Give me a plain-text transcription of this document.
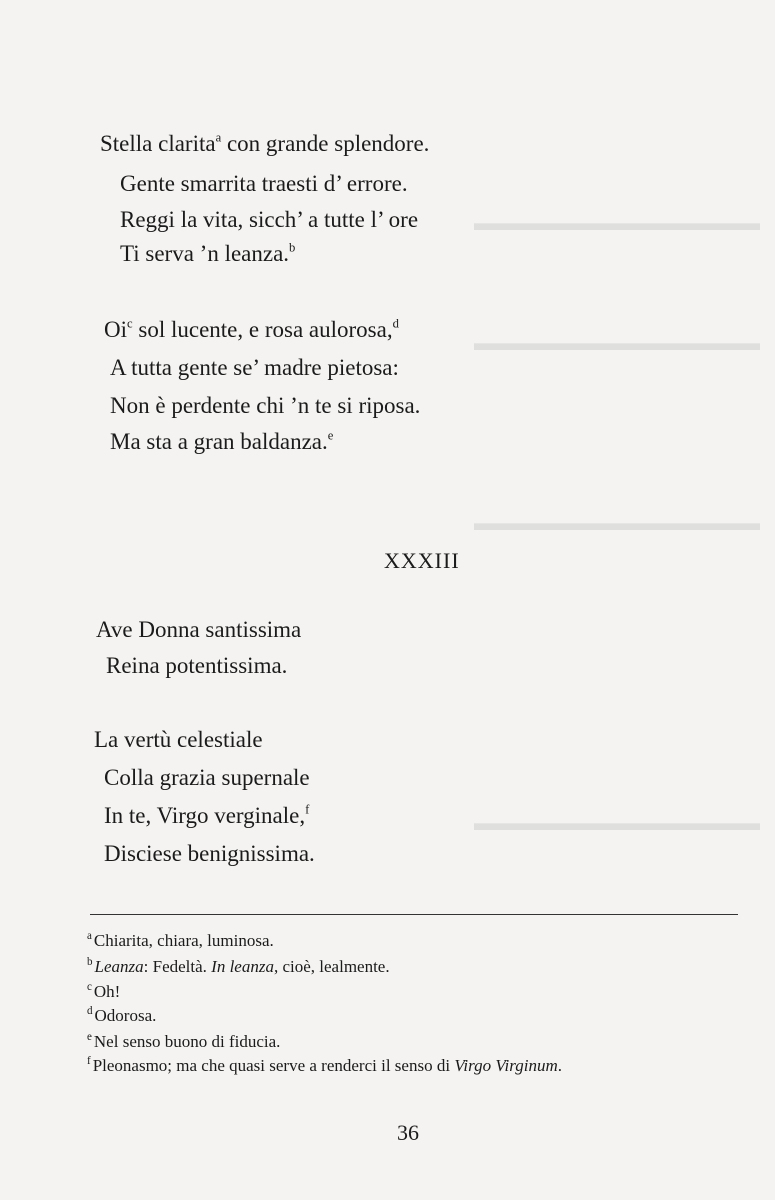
▬▬▬▬▬▬▬▬▬▬▬▬▬
▬▬▬▬▬▬▬▬▬▬▬▬▬
▬▬▬▬▬▬▬▬▬▬▬▬▬
▬▬▬▬▬▬▬▬▬▬▬▬▬
Stella clarita$^a$ con grande splendore.
Gente smarrita traesti d’ errore.
Reggi la vita, sicch’ a tutte l’ ore
Ti serva ’n leanza.$^b$
Oi$^c$ sol lucente, e rosa aulorosa,$^d$
A tutta gente se’ madre pietosa:
Non è perdente chi ’n te si riposa.
Ma sta a gran baldanza.$^e$
XXXIII
Ave Donna santissima
Reina potentissima.
La vertù celestiale
Colla grazia supernale
In te, Virgo verginale,$^f$
Disciese benignissima.
$^a$ Chiarita, chiara, luminosa.
$^b$ Leanza: Fedeltà. In leanza, cioè, lealmente.
$^c$ Oh!
$^d$ Odorosa.
$^e$ Nel senso buono di fiducia.
$^f$ Pleonasmo; ma che quasi serve a renderci il senso di Virgo Virginum.
36
